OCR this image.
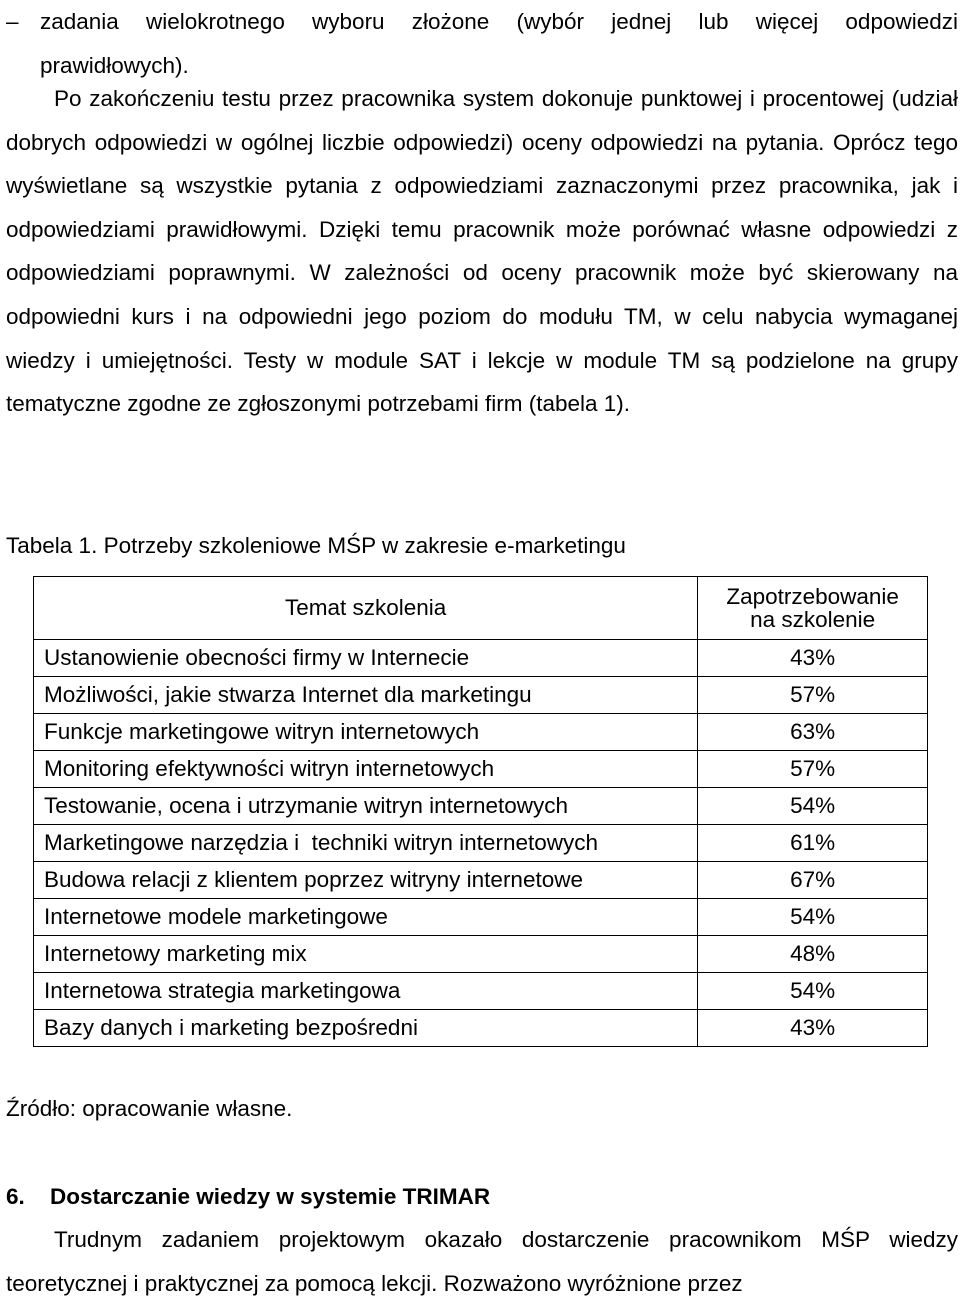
– zadania wielokrotnego wyboru złożone (wybór jednej lub więcej odpowiedzi
prawidłowych).

Po zakończeniu testu przez pracownika system dokonuje punktowej i procentowej (udział dobrych odpowiedzi w ogólnej liczbie odpowiedzi) oceny odpowiedzi na pytania. Oprócz tego wyświetlane są wszystkie pytania z odpowiedziami zaznaczonymi przez pracownika, jak i odpowiedziami prawidłowymi. Dzięki temu pracownik może porównać własne odpowiedzi z odpowiedziami poprawnymi. W zależności od oceny pracownik może być skierowany na odpowiedni kurs i na odpowiedni jego poziom do modułu TM, w celu nabycia wymaganej wiedzy i umiejętności. Testy w module SAT i lekcje w module TM są podzielone na grupy tematyczne zgodne ze zgłoszonymi potrzebami firm (tabela 1).

Tabela 1. Potrzeby szkoleniowe MŚP w zakresie e-marketingu
Temat szkolenia	Zapotrzebowanie
na szkolenie
Ustanowienie obecności firmy w Internecie	43%
Możliwości, jakie stwarza Internet dla marketingu	57%
Funkcje marketingowe witryn internetowych	63%
Monitoring efektywności witryn internetowych	57%
Testowanie, ocena i utrzymanie witryn internetowych	54%
Marketingowe narzędzia i  techniki witryn internetowych	61%
Budowa relacji z klientem poprzez witryny internetowe	67%
Internetowe modele marketingowe	54%
Internetowy marketing mix	48%
Internetowa strategia marketingowa	54%
Bazy danych i marketing bezpośredni	43%
Źródło: opracowanie własne.
6. Dostarczanie wiedzy w systemie TRIMAR

Trudnym zadaniem projektowym okazało dostarczenie pracownikom MŚP wiedzy teoretycznej i praktycznej za pomocą lekcji. Rozważono wyróżnione przez
